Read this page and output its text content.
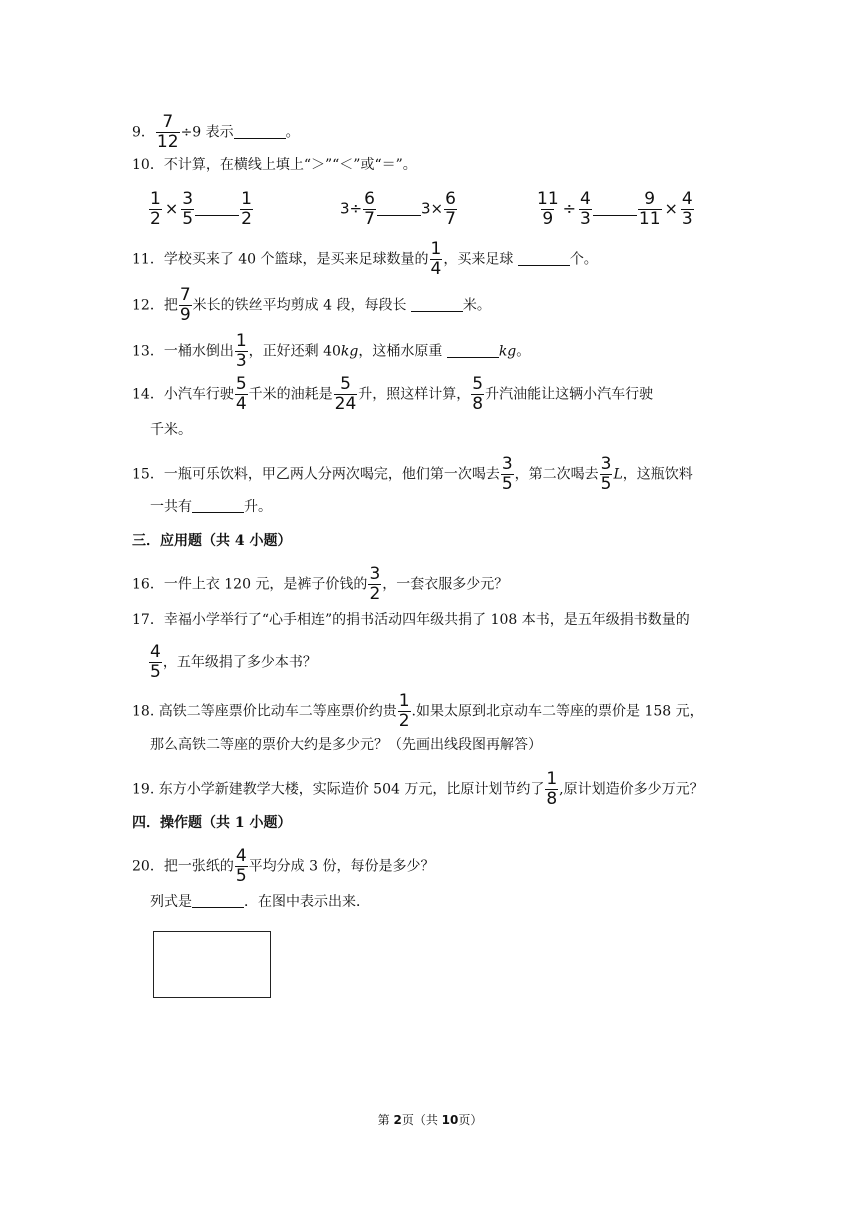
9． $\frac{7}{12} \div 9$ 表示	。
10．不计算，在横线上填上“＞”“＜”或“＝”。
$\frac{1}{2} \times \frac{3}{5}$	$\frac{1}{2}$	$3\div \frac{6}{7}$	$3\times \frac{6}{7}$	$\frac{11}{9} \div \frac{4}{3}$	$\frac{9}{11} \times \frac{4}{3}$
11．学校买来了 40 个篮球，是买来足球数量的 $\frac{1}{4}$ ，买来足球	个。
12．把 $\frac{7}{9}$ 米长的铁丝平均剪成 4 段，每段长	米。
13．一桶水倒出 $\frac{1}{3}$ ，正好还剩 40kg，这桶水原重	kg。
14．小汽车行驶 $\frac{5}{4}$ 千米的油耗是 $\frac{5}{24}$ 升，照这样计算， $\frac{5}{8}$ 升汽油能让这辆小汽车行驶
千米。
15．一瓶可乐饮料，甲乙两人分两次喝完，他们第一次喝去 $\frac{3}{5}$ ，第二次喝去 $\frac{3}{5}$ L，这瓶饮料
一共有	升。
三．应用题（共 4 小题）
16．一件上衣 120 元，是裤子价钱的 $\frac{3}{2}$ ，一套衣服多少元？
17．幸福小学举行了“心手相连”的捐书活动四年级共捐了 108 本书，是五年级捐书数量的
$\frac{4}{5}$ ，五年级捐了多少本书？
18. 高铁二等座票价比动车二等座票价约贵 $\frac{1}{2}$ .如果太原到北京动车二等座的票价是 158 元，
那么高铁二等座的票价大约是多少元？（先画出线段图再解答）
19. 东方小学新建教学大楼，实际造价 504 万元，比原计划节约了 $\frac{1}{8}$ ,原计划造价多少万元？
四．操作题（共 1 小题）
20．把一张纸的 $\frac{4}{5}$ 平均分成 3 份，每份是多少？
列式是	．在图中表示出来．
第 2页（共 10页）
